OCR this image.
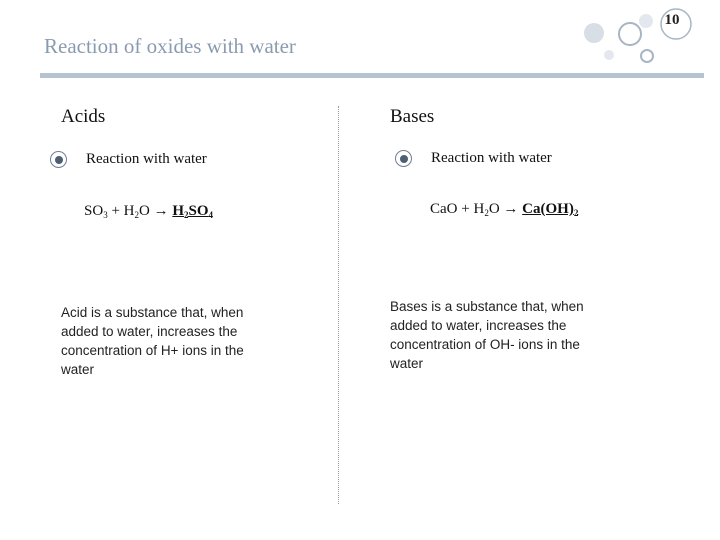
Reaction of oxides with water
10
Acids
Reaction with water
$SO_3 + H_2O \to H_2SO_4$
Acid is a substance that, when added to water, increases the concentration of H+ ions in the water
Bases
Reaction with water
CaO + $H_2O \to Ca(OH)_2$
Bases is a substance that, when added to water, increases the concentration of OH- ions in the water
